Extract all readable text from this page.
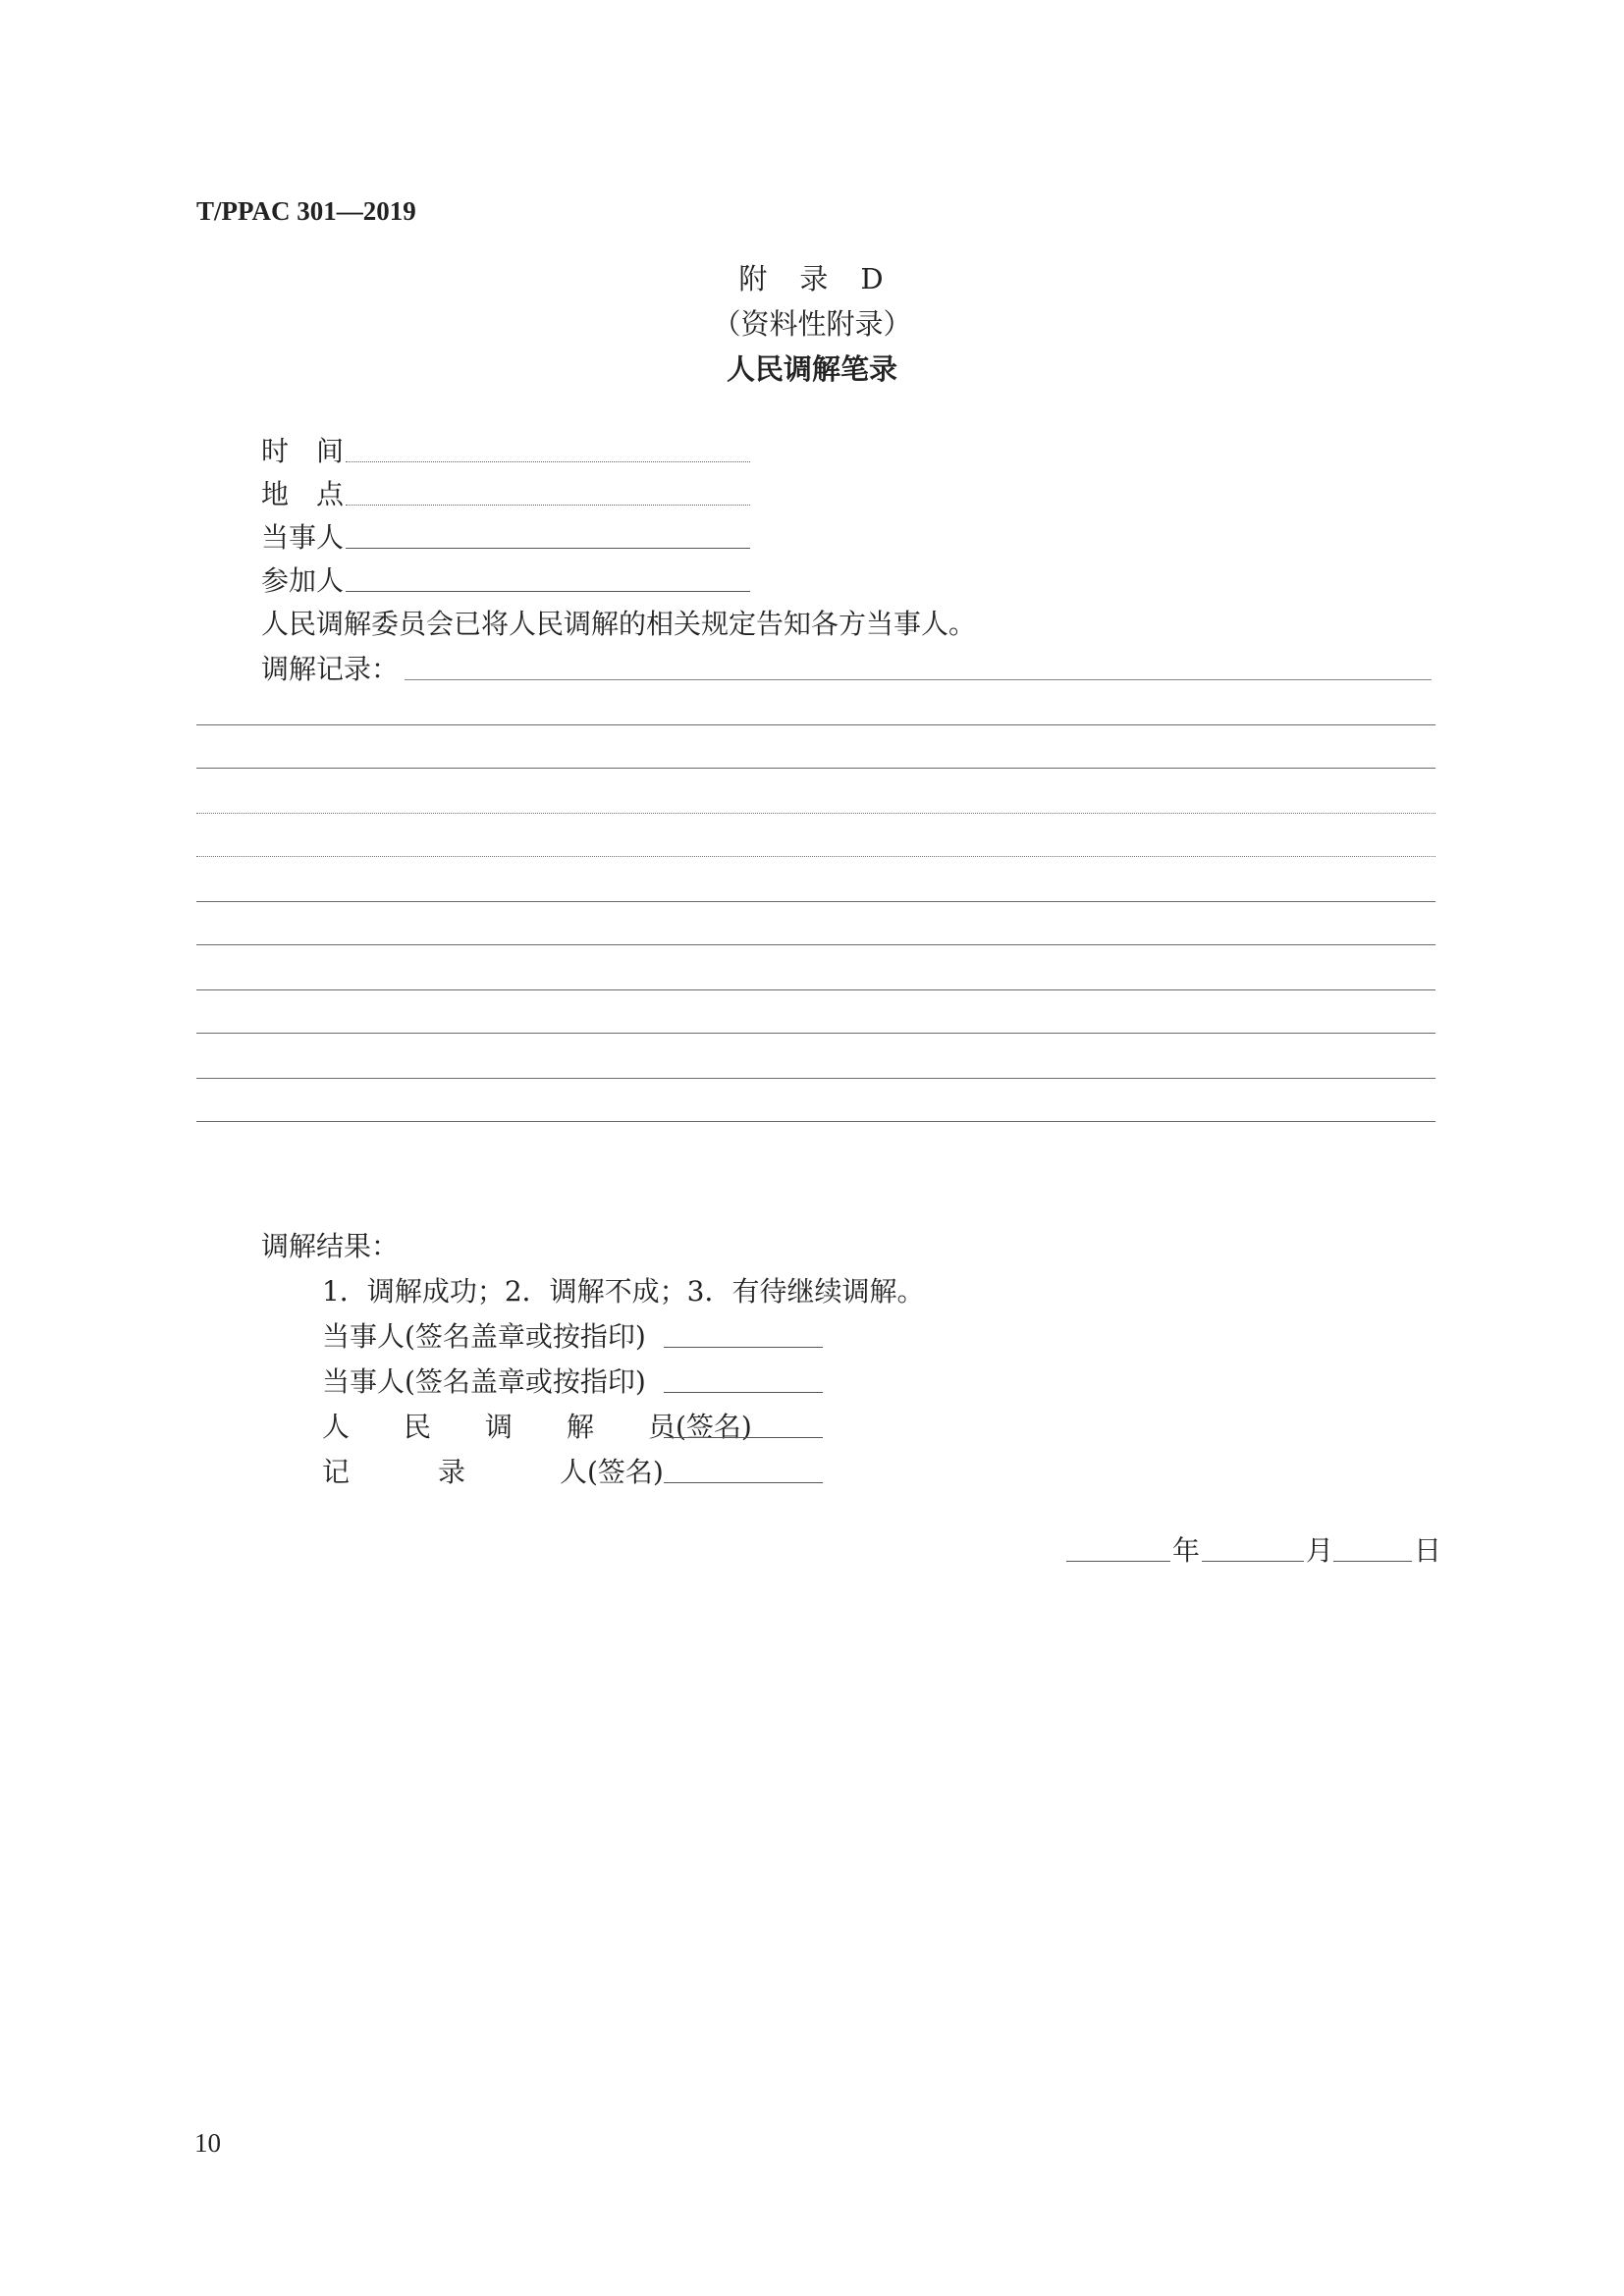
T/PPAC 301—2019
附　录　D
（资料性附录）
人民调解笔录
时　间
地　点
当事人
参加人
人民调解委员会已将人民调解的相关规定告知各方当事人。
调解记录：
调解结果：
1．调解成功；2．调解不成；3．有待继续调解。
当事人(签名盖章或按指印)
当事人(签名盖章或按指印)
人 民 调 解 员(签名)
记	录	人(签名)
年	月	日
10
